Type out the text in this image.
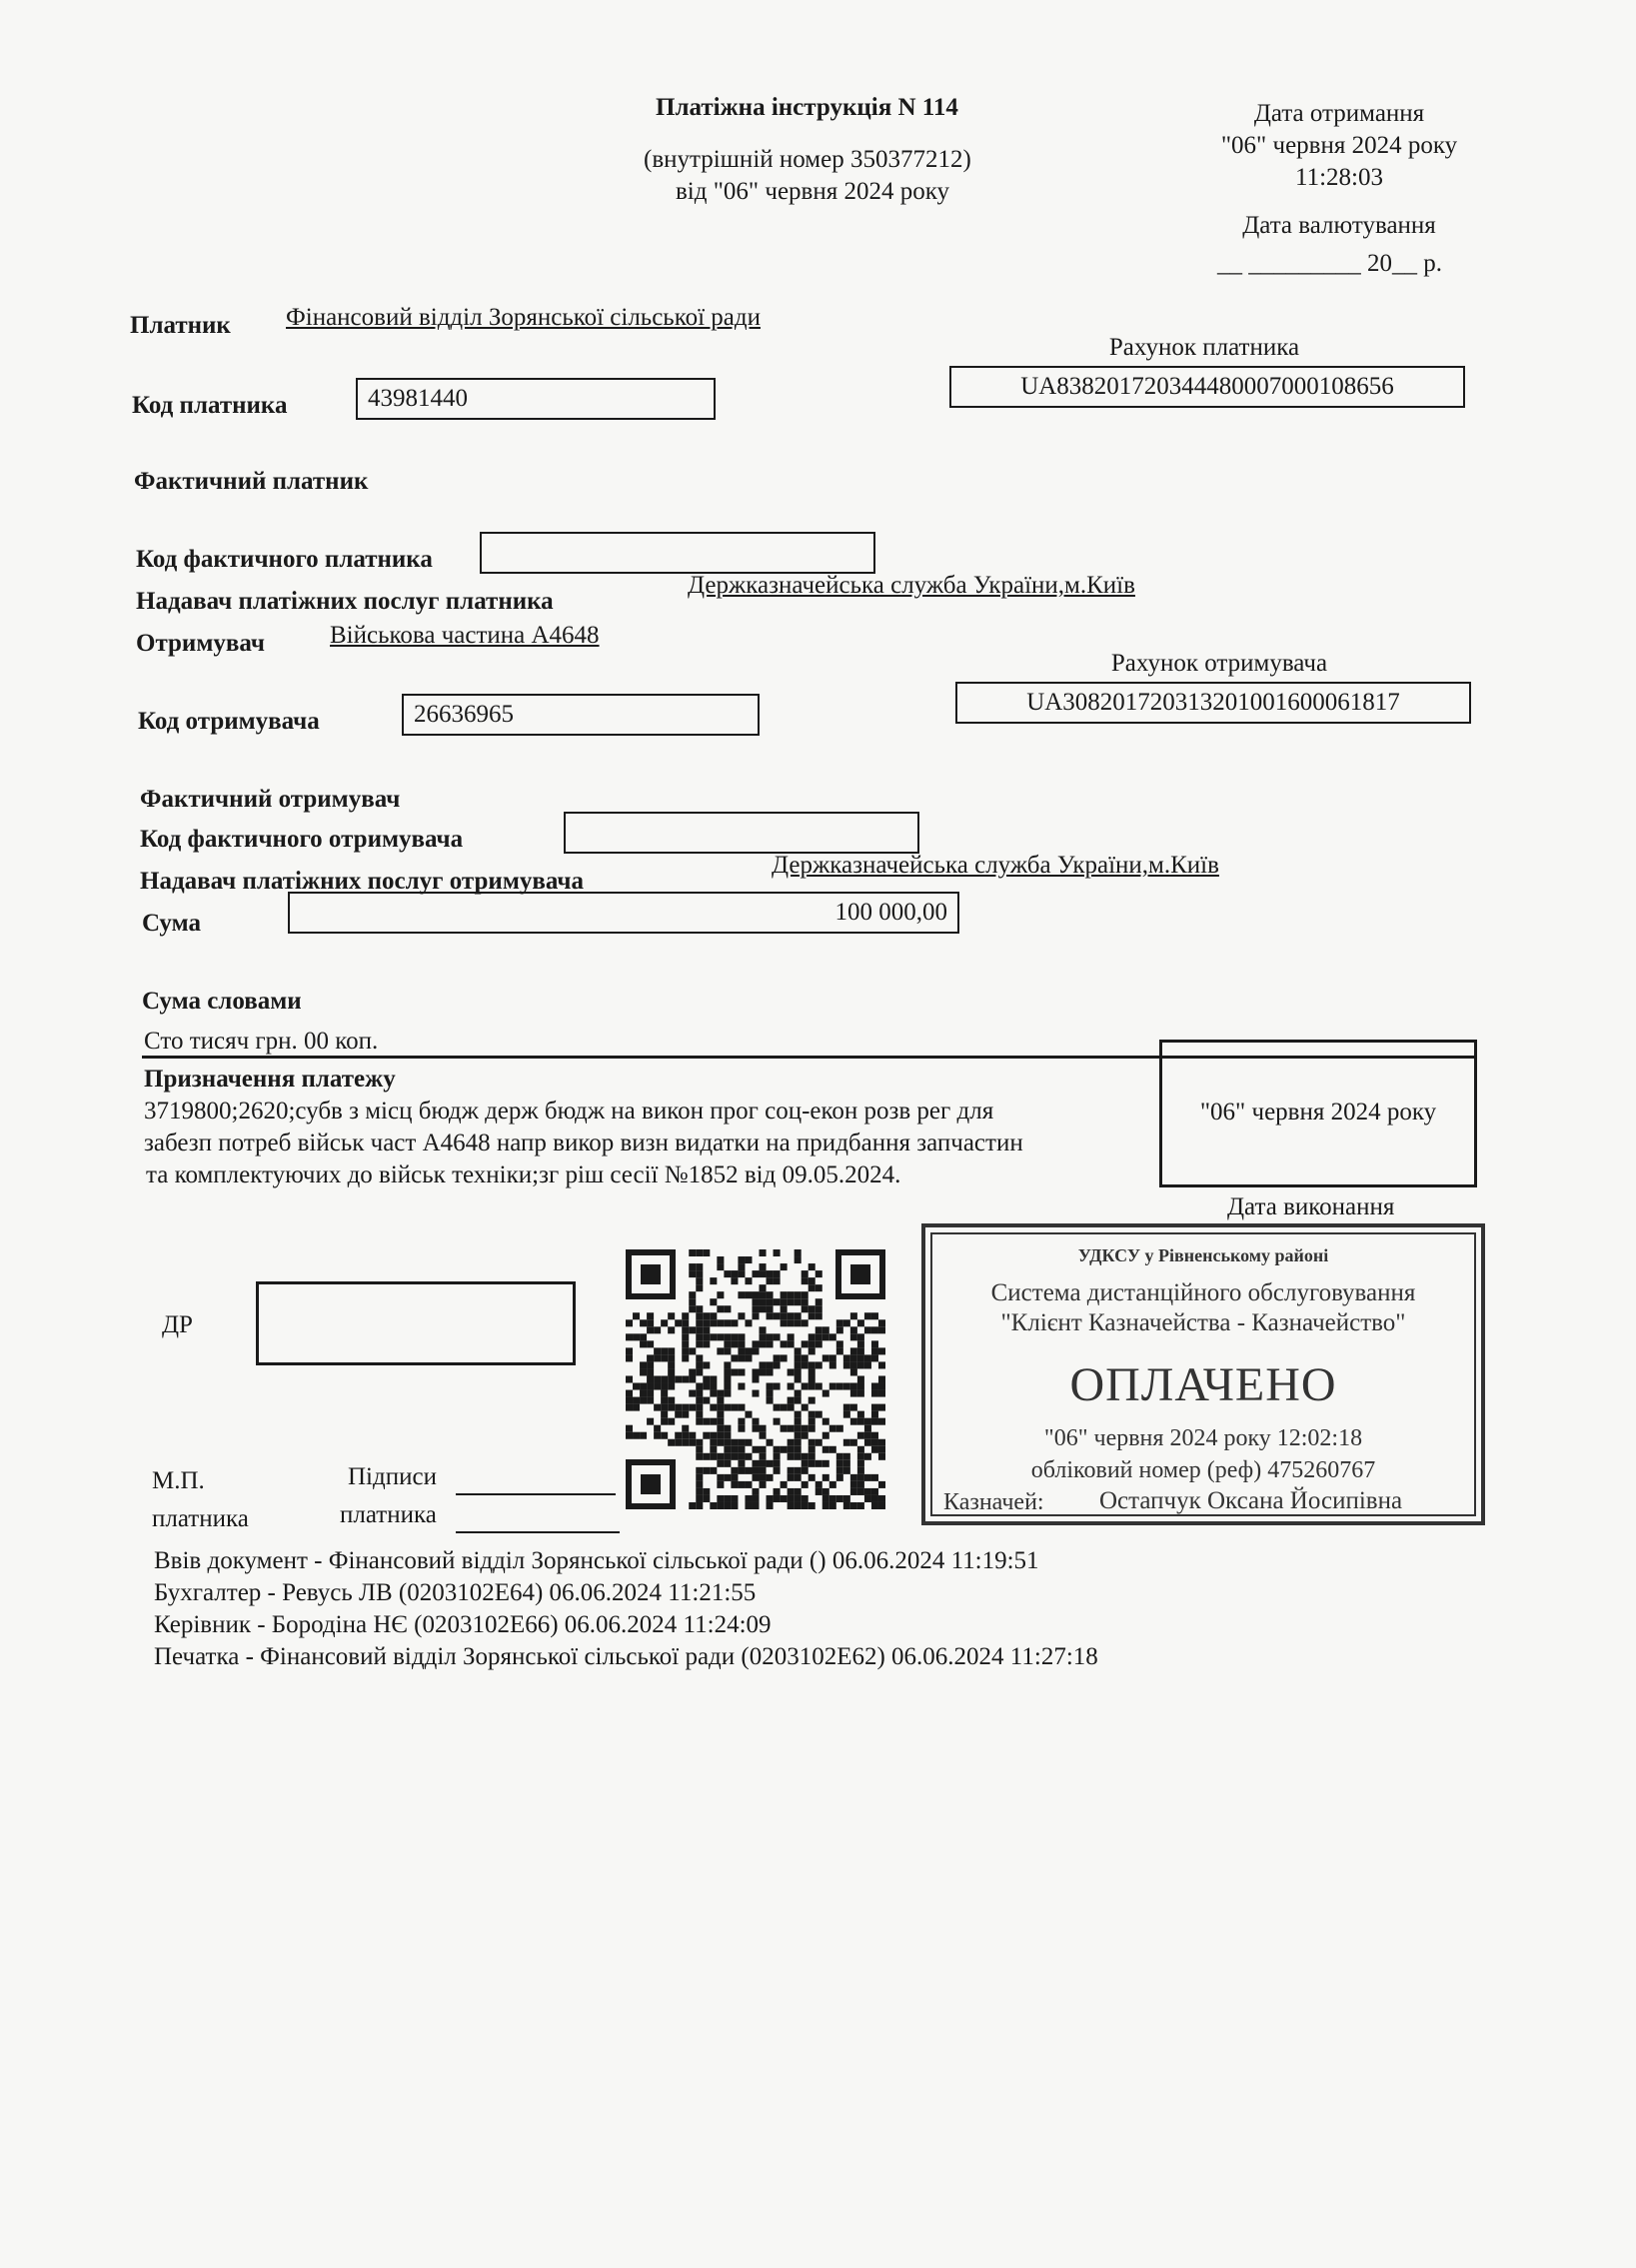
Платіжна інструкція N 114
(внутрішній номер 350377212)
від "06" червня 2024 року
Дата отримання
"06" червня 2024 року
11:28:03
Дата валютування
__ _________ 20__ р.
Платник Фінансовий відділ Зорянської сільської ради
Рахунок платника
Код платника	43981440	UA838201720344480007000108656
Фактичний платник
Код фактичного платника
Надавач платіжних послуг платника
Держказначейська служба України,м.Київ
Отримувач	Військова частина А4648
Рахунок отримувача
Код отримувача	26636965	UA308201720313201001600061817
Фактичний отримувач
Код фактичного отримувача
Надавач платіжних послуг отримувача
Держказначейська служба України,м.Київ
Сума	100 000,00
Сума словами
Сто тисяч грн. 00 коп.
Призначення платежу
3719800;2620;субв з місц бюдж держ бюдж на викон прог соц-екон розв рег для
забезп потреб військ част А4648 напр викор визн видатки на придбання запчастин
та комплектуючих до військ техніки;зг ріш сесії №1852 від 09.05.2024.
"06" червня 2024 року
Дата виконання
ДР
М.П.
платника
Підписи
платника
УДКСУ у Рівненському районі
Система дистанційного обслуговування
"Клієнт Казначейства - Казначейство"
ОПЛАЧЕНО
"06" червня 2024 року 12:02:18
обліковий номер (реф) 475260767
Казначей: Остапчук Оксана Йосипівна
Ввів документ - Фінансовий відділ Зорянської сільської ради () 06.06.2024 11:19:51
Бухгалтер - Ревусь ЛВ (0203102Е64) 06.06.2024 11:21:55
Керівник - Бородіна НЄ (0203102Е66) 06.06.2024 11:24:09
Печатка - Фінансовий відділ Зорянської сільської ради (0203102Е62) 06.06.2024 11:27:18
